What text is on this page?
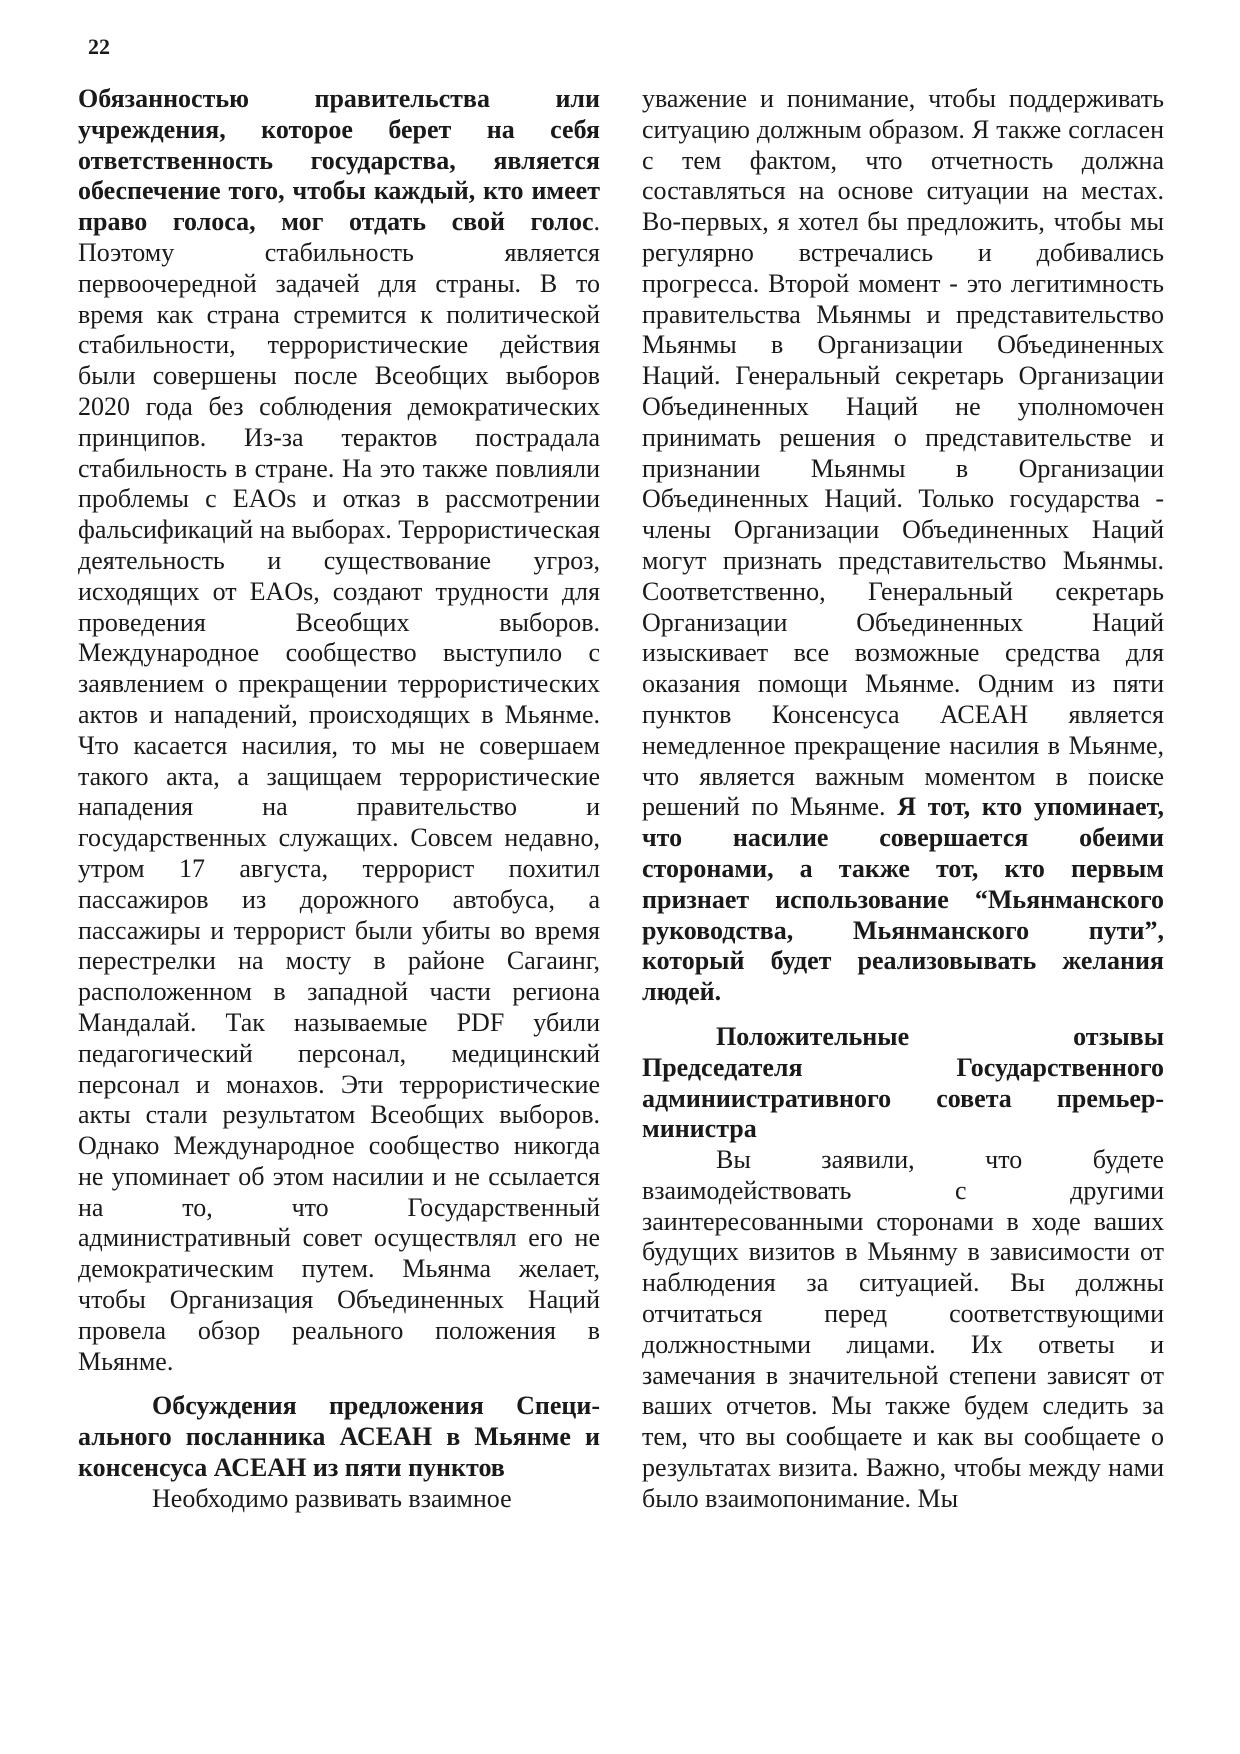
22

Обязанностью правительства или учреждения, которое берет на себя ответственность государства, является обеспечение того, чтобы каждый, кто имеет право голоса, мог отдать свой голос. Поэтому стабильность является первоочередной задачей для страны. В то время как страна стремится к политической стабильности, террористические действия были совершены после Всеобщих выборов 2020 года без соблюдения демократических принципов. Из-за терактов пострадала стабильность в стране. На это также повлияли проблемы с EAOs и отказ в рассмотрении фальсификаций на выборах. Террористическая деятельность и существование угроз, исходящих от EAOs, создают трудности для проведения Всеобщих выборов. Международное сообщество выступило с заявлением о прекращении террористических актов и нападений, происходящих в Мьянме. Что касается насилия, то мы не совершаем такого акта, а защищаем террористические нападения на правительство и государственных служащих. Совсем недавно, утром 17 августа, террорист похитил пассажиров из дорожного автобуса, а пассажиры и террорист были убиты во время перестрелки на мосту в районе Сагаинг, расположенном в западной части региона Мандалай. Так называемые PDF убили педагогический персонал, медицинский персонал и монахов. Эти террористические акты стали результатом Всеобщих выборов. Однако Международное сообщество никогда не упоминает об этом насилии и не ссылается на то, что Государственный административный совет осуществлял его не демократическим путем. Мьянма желает, чтобы Организация Объединенных Наций провела обзор реального положения в Мьянме.

Обсуждения предложения Специального посланника АСЕАН в Мьянме и консенсуса АСЕАН из пяти пунктов

Необходимо развивать взаимное

уважение и понимание, чтобы поддерживать ситуацию должным образом. Я также согласен с тем фактом, что отчетность должна составляться на основе ситуации на местах. Во-первых, я хотел бы предложить, чтобы мы регулярно встречались и добивались прогресса. Второй момент - это легитимность правительства Мьянмы и представительство Мьянмы в Организации Объединенных Наций. Генеральный секретарь Организации Объединенных Наций не уполномочен принимать решения о представительстве и признании Мьянмы в Организации Объединенных Наций. Только государства - члены Организации Объединенных Наций могут признать представительство Мьянмы. Соответственно, Генеральный секретарь Организации Объединенных Наций изыскивает все возможные средства для оказания помощи Мьянме. Одним из пяти пунктов Консенсуса АСЕАН является немедленное прекращение насилия в Мьянме, что является важным моментом в поиске решений по Мьянме. Я тот, кто упоминает, что насилие совершается обеими сторонами, а также тот, кто первым признает использование “Мьянманского руководства, Мьянманского пути”, который будет реализовывать желания людей.

Положительные отзывы Председателя Государственного админиистративного совета премьер-министра

Вы заявили, что будете взаимодействовать с другими заинтересованными сторонами в ходе ваших будущих визитов в Мьянму в зависимости от наблюдения за ситуацией. Вы должны отчитаться перед соответствующими должностными лицами. Их ответы и замечания в значительной степени зависят от ваших отчетов. Мы также будем следить за тем, что вы сообщаете и как вы сообщаете о результатах визита. Важно, чтобы между нами было взаимопонимание. Мы
